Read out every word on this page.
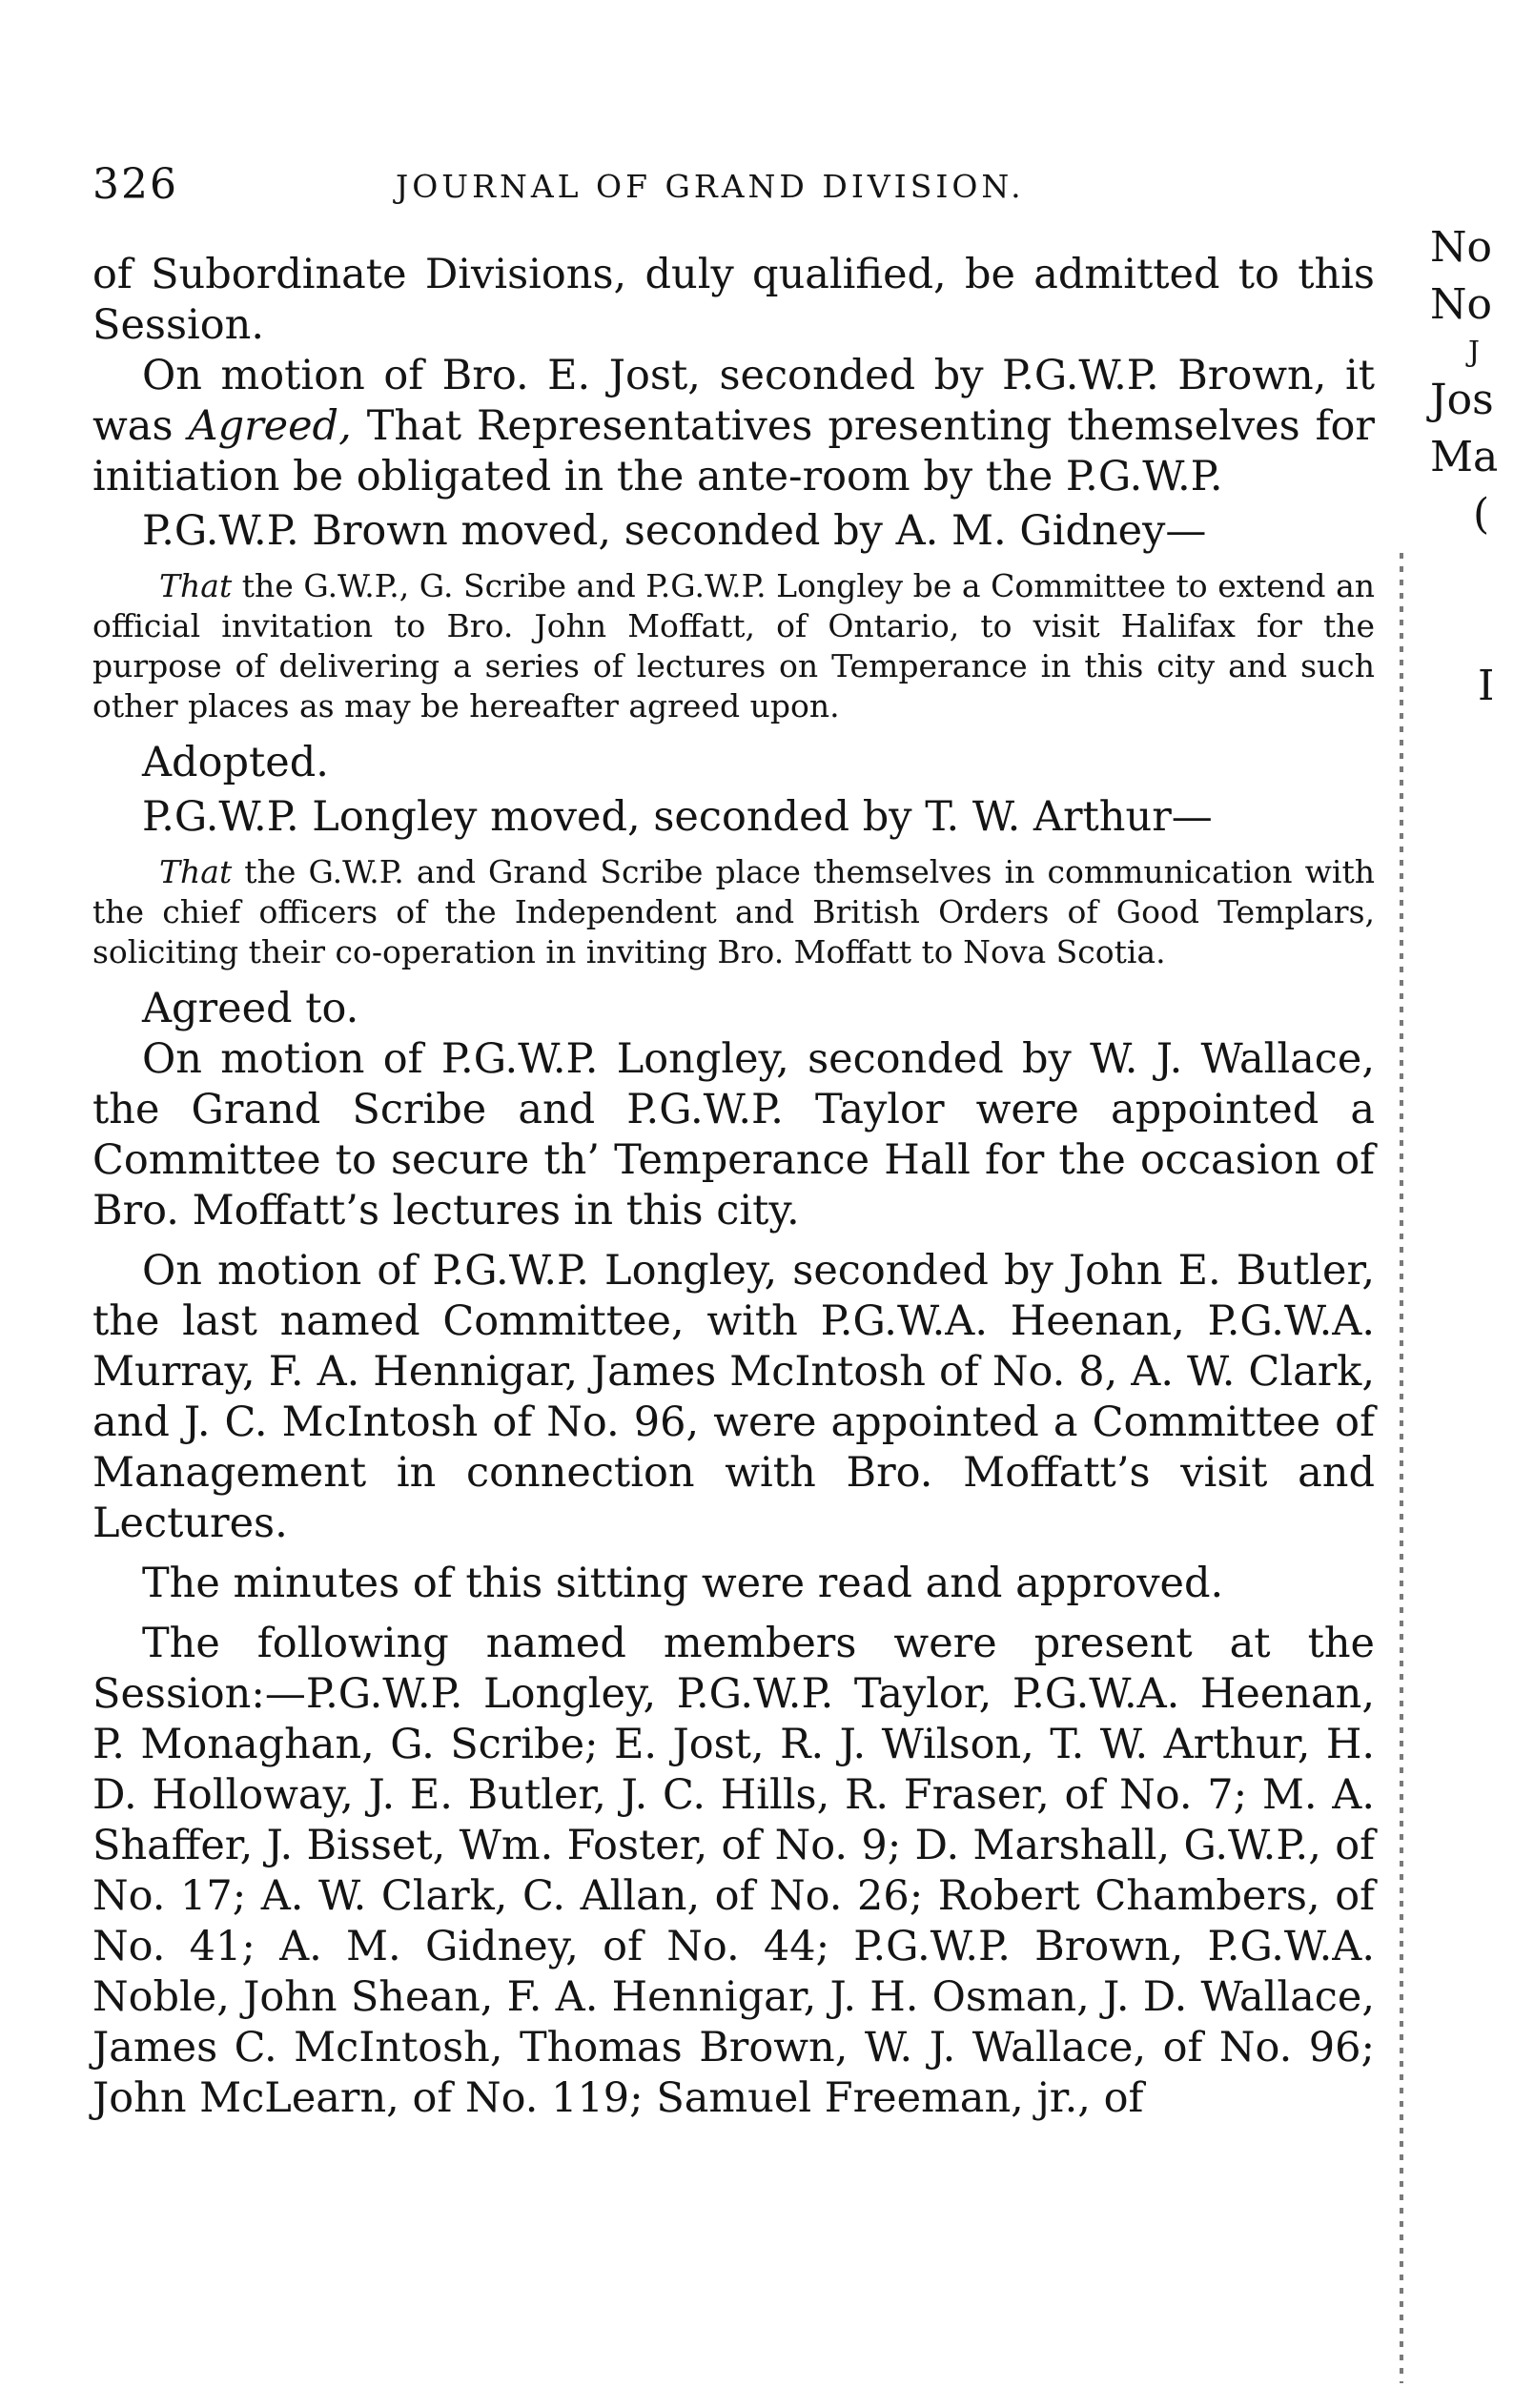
326	JOURNAL OF GRAND DIVISION.

of Subordinate Divisions, duly qualified, be admitted to this Session.

On motion of Bro. E. Jost, seconded by P.G.W.P. Brown, it was Agreed, That Representatives presenting themselves for initiation be obligated in the ante-room by the P.G.W.P.

P.G.W.P. Brown moved, seconded by A. M. Gidney—

That the G.W.P., G. Scribe and P.G.W.P. Longley be a Committee to extend an official invitation to Bro. John Moffatt, of Ontario, to visit Halifax for the purpose of delivering a series of lectures on Temperance in this city and such other places as may be hereafter agreed upon.

Adopted.

P.G.W.P. Longley moved, seconded by T. W. Arthur—

That the G.W.P. and Grand Scribe place themselves in communication with the chief officers of the Independent and British Orders of Good Templars, soliciting their co-operation in inviting Bro. Moffatt to Nova Scotia.

Agreed to.

On motion of P.G.W.P. Longley, seconded by W. J. Wallace, the Grand Scribe and P.G.W.P. Taylor were appointed a Committee to secure th’ Temperance Hall for the occasion of Bro. Moffatt’s lectures in this city.

On motion of P.G.W.P. Longley, seconded by John E. Butler, the last named Committee, with P.G.W.A. Heenan, P.G.W.A. Murray, F. A. Hennigar, James McIntosh of No. 8, A. W. Clark, and J. C. McIntosh of No. 96, were appointed a Committee of Management in connection with Bro. Moffatt’s visit and Lectures.

The minutes of this sitting were read and approved.

The following named members were present at the Session:—P.G.W.P. Longley, P.G.W.P. Taylor, P.G.W.A. Heenan, P. Monaghan, G. Scribe; E. Jost, R. J. Wilson, T. W. Arthur, H. D. Holloway, J. E. Butler, J. C. Hills, R. Fraser, of No. 7; M. A. Shaffer, J. Bisset, Wm. Foster, of No. 9; D. Marshall, G.W.P., of No. 17; A. W. Clark, C. Allan, of No. 26; Robert Chambers, of No. 41; A. M. Gidney, of No. 44; P.G.W.P. Brown, P.G.W.A. Noble, John Shean, F. A. Hennigar, J. H. Osman, J. D. Wallace, James C. McIntosh, Thomas Brown, W. J. Wallace, of No. 96; John McLearn, of No. 119; Samuel Freeman, jr., of

No
No
J
Jos
Ma
(
I
